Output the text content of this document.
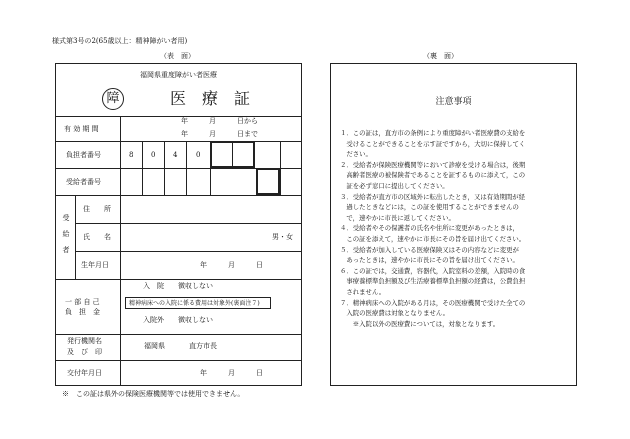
様式第3号の2(65歳以上：精神障がい者用)
（表　面）	（裏　面）
福岡県重度障がい者医療
障	医　療　証
有 効 期 間
年　　　月　　　日から
年　　　月　　　日まで
負担者番号	8	0	4	0
受給者番号
受 給 者
住　　所
氏　　名	男・女
生年月日	年　　　月　　　日
一 部 自 己
負　担　金
入　院　　徴収しない
精神病床への入院に係る費用は対象外(裏面注７)
入院外　　徴収しない
発行機関名
及　び　印
福岡県	直方市長
交付年月日	年　　　月　　　日
※　この証は県外の保険医療機関等では使用できません。
注意事項

１．この証は，直方市の条例により重度障がい者医療費の支給を

　受けることができることを示す証ですから，大切に保持してく

　ださい。

２．受給者が保険医療機関等において診療を受ける場合は，後期

　高齢者医療の被保険者であることを証するものに添えて，この

　証を必ず窓口に提出してください。

３．受給者が直方市の区域外に転出したとき，又は有効期間が経

　過したときなどには，この証を使用することができませんの

　で，速やかに市長に返してください。

４．受給者やその保護者の氏名や住所に変更があったときは，

　この証を添えて，速やかに市長にその旨を届け出てください。

５．受給者が加入している医療保険又はその内容などに変更が

　あったときは，速やかに市長にその旨を届け出てください。

６．この証では，交通費，容器代，入院室料の差額，入院時の食

　事療養標準負担額及び生活療養標準負担額の経費は，公費負担

　されません。

７．精神病床への入院がある月は，その医療機関で受けた全ての

　入院の医療費は対象となりません。

　　※入院以外の医療費については，対象となります。
